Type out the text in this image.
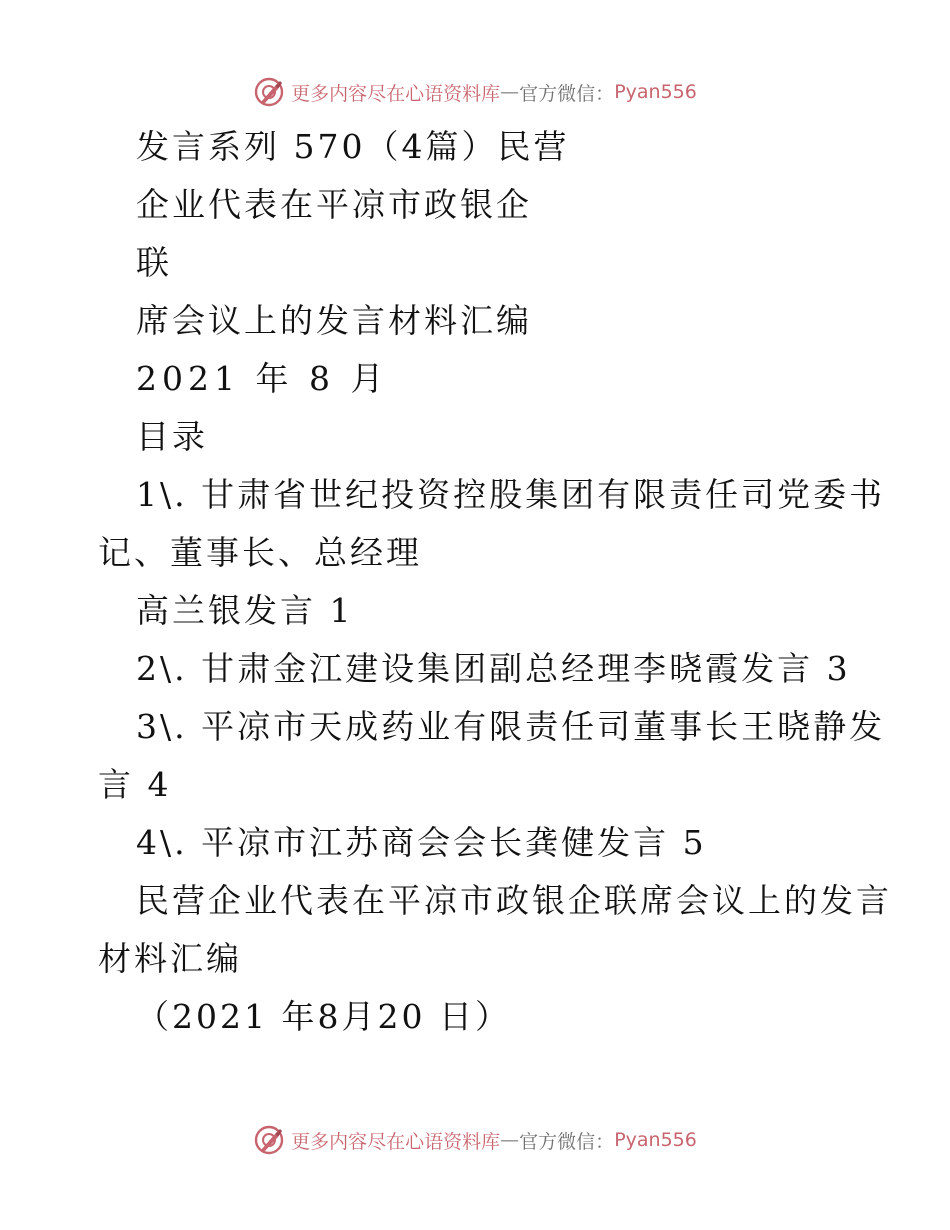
更多内容尽在心语资料库 — 官方微信： Pyan556
发言系列 570（4篇）民营
企业代表在平凉市政银企
联
席会议上的发言材料汇编
2021 年 8 月
目录
1\. 甘肃省世纪投资控股集团有限责任司党委书
记、董事长、总经理
高兰银发言 1
2\. 甘肃金江建设集团副总经理李晓霞发言 3
3\. 平凉市天成药业有限责任司董事长王晓静发
言 4
4\. 平凉市江苏商会会长龚健发言 5
民营企业代表在平凉市政银企联席会议上的发言
材料汇编
（2021 年8月20 日）
更多内容尽在心语资料库 — 官方微信： Pyan556
